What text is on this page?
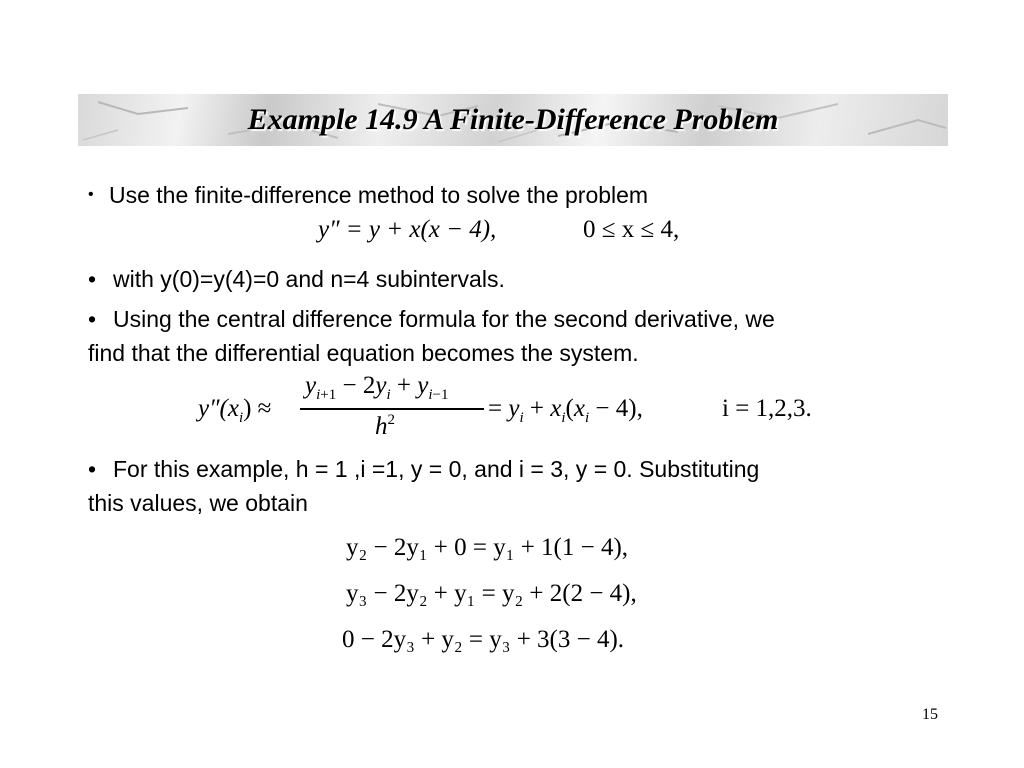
Example 14.9 A Finite-Difference Problem
• Use the finite-difference method to solve the problem
y″ = y + x(x − 4),	0 ≤ x ≤ 4,
• with y(0)=y(4)=0 and n=4 subintervals.
• Using the central difference formula for the second derivative, we
find that the differential equation becomes the system.
$y''(x_i)$ ≈
$y_{i+1} - 2y_i + y_{i-1}$
$h^2$	= $y_i + x_i(x_i - 4)$,	i = 1,2,3.
• For this example, h = 1 ,i =1, y = 0, and i = 3, y = 0. Substituting
this values, we obtain
y₂ − 2y₁ + 0 = y₁ + 1(1 − 4),
y₃ − 2y₂ + y₁ = y₂ + 2(2 − 4),
0 − 2y₃ + y₂ = y₃ + 3(3 − 4).
15
